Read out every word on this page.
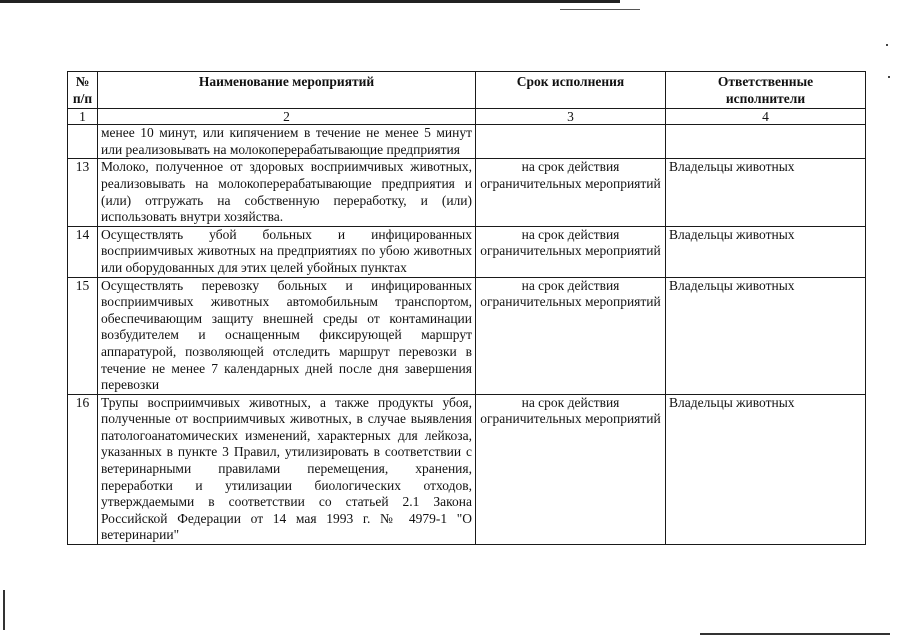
№ п/п	Наименование мероприятий	Срок исполнения	Ответственные исполнители
1	2	3	4
	менее 10 минут, или кипячением в течение не менее 5 минут или реализовывать на молокоперерабатывающие предприятия		
13	Молоко, полученное от здоровых восприимчивых животных, реализовывать на молокоперерабатывающие предприятия и (или) отгружать на собственную переработку, и (или) использовать внутри хозяйства.	на срок действия ограничительных мероприятий	Владельцы животных
14	Осуществлять убой больных и инфицированных восприимчивых животных на предприятиях по убою животных или оборудованных для этих целей убойных пунктах	на срок действия ограничительных мероприятий	Владельцы животных
15	Осуществлять перевозку больных и инфицированных восприимчивых животных автомобильным транспортом, обеспечивающим защиту внешней среды от контаминации возбудителем и оснащенным фиксирующей маршрут аппаратурой, позволяющей отследить маршрут перевозки в течение не менее 7 календарных дней после дня завершения перевозки	на срок действия ограничительных мероприятий	Владельцы животных
16	Трупы восприимчивых животных, а также продукты убоя, полученные от восприимчивых животных, в случае выявления патологоанатомических изменений, характерных для лейкоза, указанных в пункте 3 Правил, утилизировать в соответствии с ветеринарными правилами перемещения, хранения, переработки и утилизации биологических отходов, утверждаемыми в соответствии со статьей 2.1 Закона Российской Федерации от 14 мая 1993 г. № 4979-1 "О ветеринарии"	на срок действия ограничительных мероприятий	Владельцы животных
